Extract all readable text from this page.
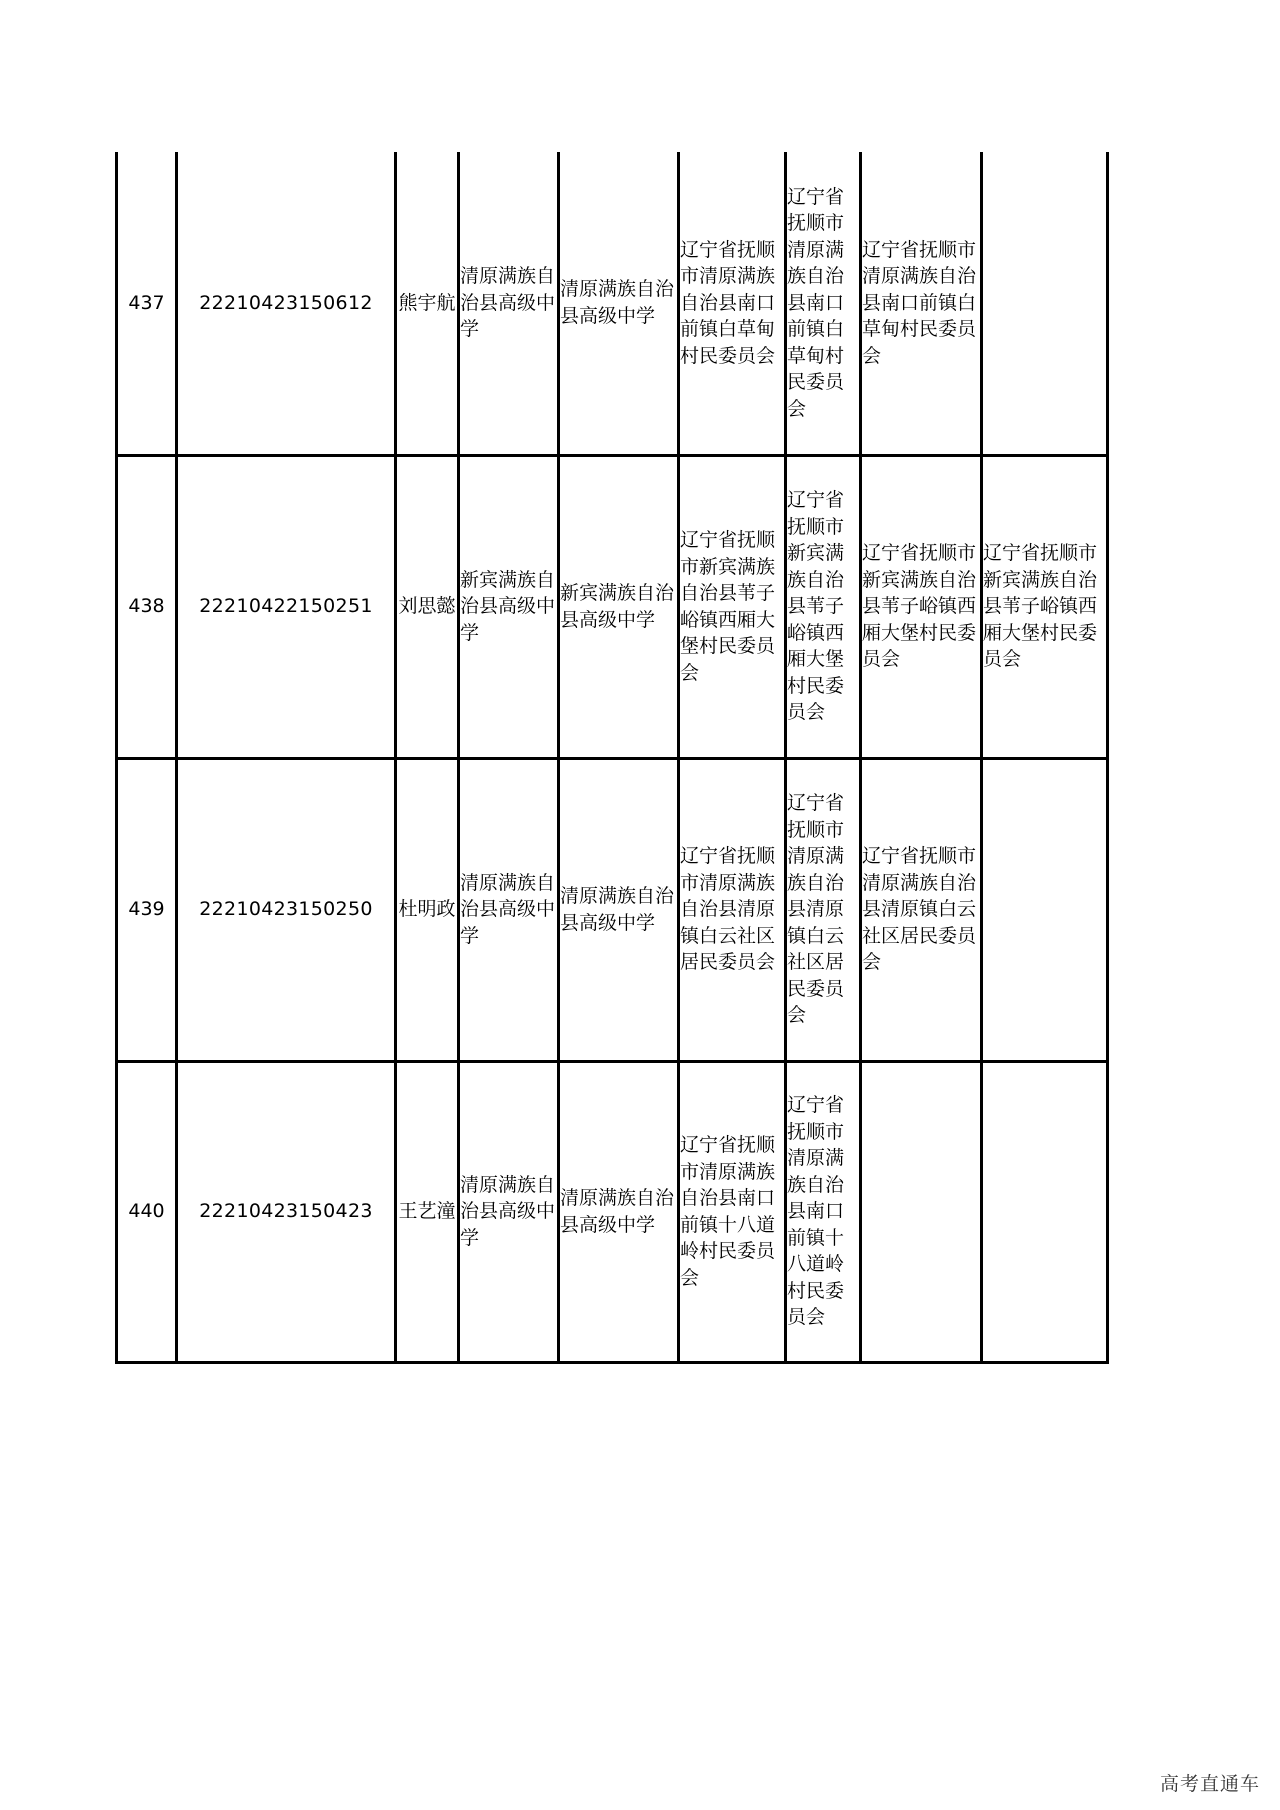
437	22210423150612	熊宇航	清原满族自治县高级中学	清原满族自治县高级中学	辽宁省抚顺市清原满族自治县南口前镇白草甸村民委员会	辽宁省抚顺市清原满族自治县南口前镇白草甸村民委员会	辽宁省抚顺市清原满族自治县南口前镇白草甸村民委员会	
438	22210422150251	刘思懿	新宾满族自治县高级中学	新宾满族自治县高级中学	辽宁省抚顺市新宾满族自治县苇子峪镇西厢大堡村民委员会	辽宁省抚顺市新宾满族自治县苇子峪镇西厢大堡村民委员会	辽宁省抚顺市新宾满族自治县苇子峪镇西厢大堡村民委员会	辽宁省抚顺市新宾满族自治县苇子峪镇西厢大堡村民委员会
439	22210423150250	杜明政	清原满族自治县高级中学	清原满族自治县高级中学	辽宁省抚顺市清原满族自治县清原镇白云社区居民委员会	辽宁省抚顺市清原满族自治县清原镇白云社区居民委员会	辽宁省抚顺市清原满族自治县清原镇白云社区居民委员会	
440	22210423150423	王艺潼	清原满族自治县高级中学	清原满族自治县高级中学	辽宁省抚顺市清原满族自治县南口前镇十八道岭村民委员会	辽宁省抚顺市清原满族自治县南口前镇十八道岭村民委员会		
高考直通车
